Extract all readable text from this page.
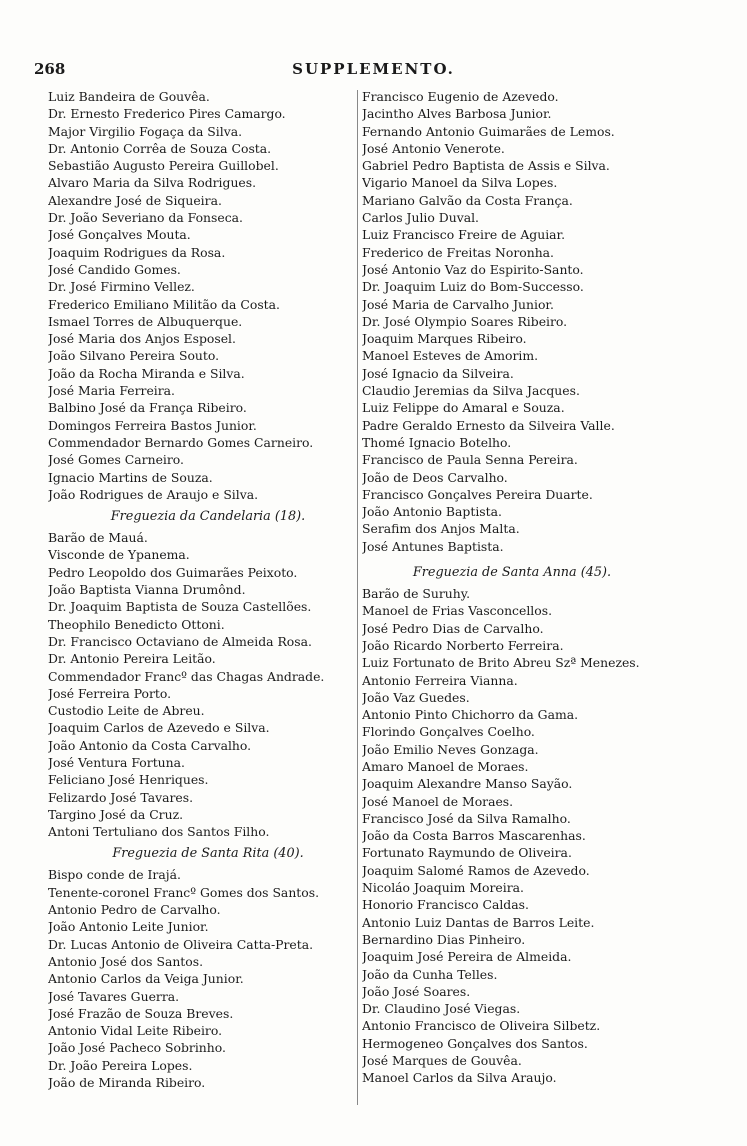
268	SUPPLEMENTO.
Luiz Bandeira de Gouvêa.
Dr. Ernesto Frederico Pires Camargo.
Major Virgilio Fogaça da Silva.
Dr. Antonio Corrêa de Souza Costa.
Sebastião Augusto Pereira Guillobel.
Alvaro Maria da Silva Rodrigues.
Alexandre José de Siqueira.
Dr. João Severiano da Fonseca.
José Gonçalves Mouta.
Joaquim Rodrigues da Rosa.
José Candido Gomes.
Dr. José Firmino Vellez.
Frederico Emiliano Militão da Costa.
Ismael Torres de Albuquerque.
José Maria dos Anjos Esposel.
João Silvano Pereira Souto.
João da Rocha Miranda e Silva.
José Maria Ferreira.
Balbino José da França Ribeiro.
Domingos Ferreira Bastos Junior.
Commendador Bernardo Gomes Carneiro.
José Gomes Carneiro.
Ignacio Martins de Souza.
João Rodrigues de Araujo e Silva.
Freguezia da Candelaria (18).
Barão de Mauá.
Visconde de Ypanema.
Pedro Leopoldo dos Guimarães Peixoto.
João Baptista Vianna Drumônd.
Dr. Joaquim Baptista de Souza Castellões.
Theophilo Benedicto Ottoni.
Dr. Francisco Octaviano de Almeida Rosa.
Dr. Antonio Pereira Leitão.
Commendador Francº das Chagas Andrade.
José Ferreira Porto.
Custodio Leite de Abreu.
Joaquim Carlos de Azevedo e Silva.
João Antonio da Costa Carvalho.
José Ventura Fortuna.
Feliciano José Henriques.
Felizardo José Tavares.
Targino José da Cruz.
Antoni Tertuliano dos Santos Filho.
Freguezia de Santa Rita (40).
Bispo conde de Irajá.
Tenente-coronel Francº Gomes dos Santos.
Antonio Pedro de Carvalho.
João Antonio Leite Junior.
Dr. Lucas Antonio de Oliveira Catta-Preta.
Antonio José dos Santos.
Antonio Carlos da Veiga Junior.
José Tavares Guerra.
José Frazão de Souza Breves.
Antonio Vidal Leite Ribeiro.
João José Pacheco Sobrinho.
Dr. João Pereira Lopes.
João de Miranda Ribeiro.
Francisco Eugenio de Azevedo.
Jacintho Alves Barbosa Junior.
Fernando Antonio Guimarães de Lemos.
José Antonio Venerote.
Gabriel Pedro Baptista de Assis e Silva.
Vigario Manoel da Silva Lopes.
Mariano Galvão da Costa França.
Carlos Julio Duval.
Luiz Francisco Freire de Aguiar.
Frederico de Freitas Noronha.
José Antonio Vaz do Espirito-Santo.
Dr. Joaquim Luiz do Bom-Successo.
José Maria de Carvalho Junior.
Dr. José Olympio Soares Ribeiro.
Joaquim Marques Ribeiro.
Manoel Esteves de Amorim.
José Ignacio da Silveira.
Claudio Jeremias da Silva Jacques.
Luiz Felippe do Amaral e Souza.
Padre Geraldo Ernesto da Silveira Valle.
Thomé Ignacio Botelho.
Francisco de Paula Senna Pereira.
João de Deos Carvalho.
Francisco Gonçalves Pereira Duarte.
João Antonio Baptista.
Serafim dos Anjos Malta.
José Antunes Baptista.
Freguezia de Santa Anna (45).
Barão de Suruhy.
Manoel de Frias Vasconcellos.
José Pedro Dias de Carvalho.
João Ricardo Norberto Ferreira.
Luiz Fortunato de Brito Abreu Szª Menezes.
Antonio Ferreira Vianna.
João Vaz Guedes.
Antonio Pinto Chichorro da Gama.
Florindo Gonçalves Coelho.
João Emilio Neves Gonzaga.
Amaro Manoel de Moraes.
Joaquim Alexandre Manso Sayão.
José Manoel de Moraes.
Francisco José da Silva Ramalho.
João da Costa Barros Mascarenhas.
Fortunato Raymundo de Oliveira.
Joaquim Salomé Ramos de Azevedo.
Nicoláo Joaquim Moreira.
Honorio Francisco Caldas.
Antonio Luiz Dantas de Barros Leite.
Bernardino Dias Pinheiro.
Joaquim José Pereira de Almeida.
João da Cunha Telles.
João José Soares.
Dr. Claudino José Viegas.
Antonio Francisco de Oliveira Silbetz.
Hermogeneo Gonçalves dos Santos.
José Marques de Gouvêa.
Manoel Carlos da Silva Araujo.
